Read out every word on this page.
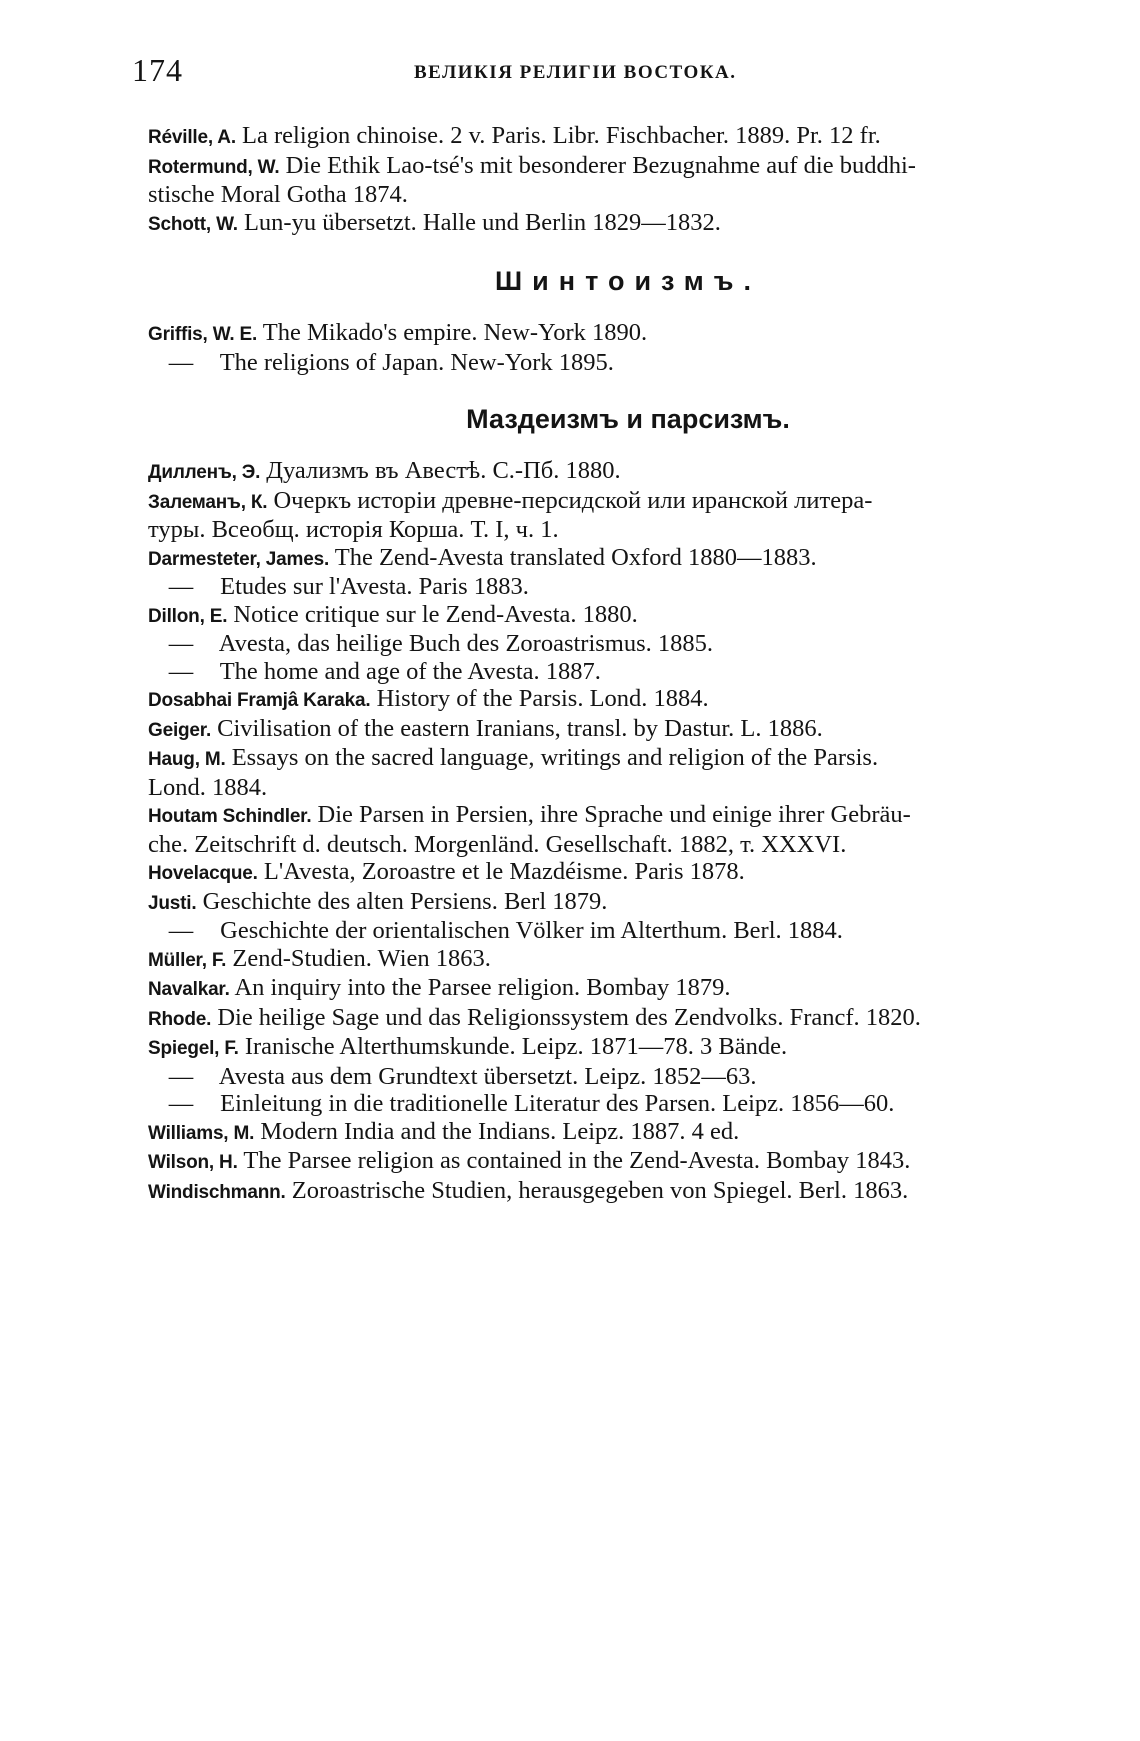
174	ВЕЛИКІЯ РЕЛИГІИ ВОСТОКА.
Réville, A. La religion chinoise. 2 v. Paris. Libr. Fischbacher. 1889. Pr. 12 fr.
Rotermund, W. Die Ethik Lao-tsé's mit besonderer Bezugnahme auf die buddhi-
stische Moral Gotha 1874.
Schott, W. Lun-yu übersetzt. Halle und Berlin 1829—1832.
Шинтоизмъ.
Griffis, W. E. The Mikado's empire. New-York 1890.
— The religions of Japan. New-York 1895.
Маздеизмъ и парсизмъ.
Дилленъ, Э. Дуализмъ въ Авестѣ. С.-Пб. 1880.
Залеманъ, К. Очеркъ исторіи древне-персидской или иранской литера-
туры. Всеобщ. исторія Корша. Т. I, ч. 1.
Darmesteter, James. The Zend-Avesta translated Oxford 1880—1883.
— Etudes sur l'Avesta. Paris 1883.
Dillon, E. Notice critique sur le Zend-Avesta. 1880.
— Avesta, das heilige Buch des Zoroastrismus. 1885.
— The home and age of the Avesta. 1887.
Dosabhai Framjâ Karaka. History of the Parsis. Lond. 1884.
Geiger. Civilisation of the eastern Iranians, transl. by Dastur. L. 1886.
Haug, M. Essays on the sacred language, writings and religion of the Parsis.
Lond. 1884.
Houtam Schindler. Die Parsen in Persien, ihre Sprache und einige ihrer Gebräu-
che. Zeitschrift d. deutsch. Morgenländ. Gesellschaft. 1882, т. XXXVI.
Hovelacque. L'Avesta, Zoroastre et le Mazdéisme. Paris 1878.
Justi. Geschichte des alten Persiens. Berl 1879.
— Geschichte der orientalischen Völker im Alterthum. Berl. 1884.
Müller, F. Zend-Studien. Wien 1863.
Navalkar. An inquiry into the Parsee religion. Bombay 1879.
Rhode. Die heilige Sage und das Religionssystem des Zendvolks. Francf. 1820.
Spiegel, F. Iranische Alterthumskunde. Leipz. 1871—78. 3 Bände.
— Avesta aus dem Grundtext übersetzt. Leipz. 1852—63.
— Einleitung in die traditionelle Literatur des Parsen. Leipz. 1856—60.
Williams, M. Modern India and the Indians. Leipz. 1887. 4 ed.
Wilson, H. The Parsee religion as contained in the Zend-Avesta. Bombay 1843.
Windischmann. Zoroastrische Studien, herausgegeben von Spiegel. Berl. 1863.
